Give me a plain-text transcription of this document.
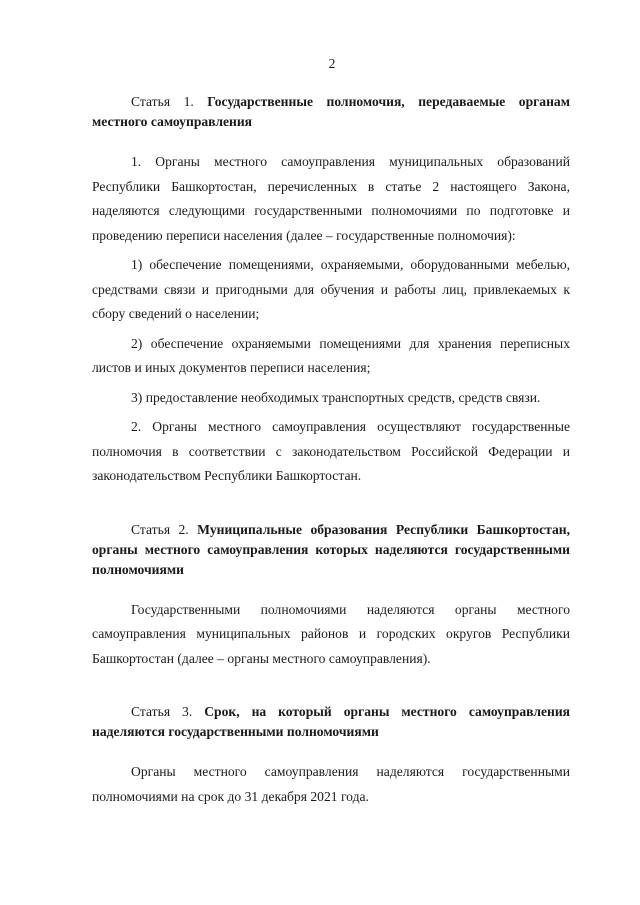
2

Статья 1. Государственные полномочия, передаваемые органам местного самоуправления

1. Органы местного самоуправления муниципальных образований Республики Башкортостан, перечисленных в статье 2 настоящего Закона, наделяются следующими государственными полномочиями по подготовке и проведению переписи населения (далее – государственные полномочия):

1) обеспечение помещениями, охраняемыми, оборудованными мебелью, средствами связи и пригодными для обучения и работы лиц, привлекаемых к сбору сведений о населении;

2) обеспечение охраняемыми помещениями для хранения переписных листов и иных документов переписи населения;

3) предоставление необходимых транспортных средств, средств связи.

2. Органы местного самоуправления осуществляют государственные полномочия в соответствии с законодательством Российской Федерации и законодательством Республики Башкортостан.

Статья 2. Муниципальные образования Республики Башкортостан, органы местного самоуправления которых наделяются государственными полномочиями

Государственными полномочиями наделяются органы местного самоуправления муниципальных районов и городских округов Республики Башкортостан (далее – органы местного самоуправления).

Статья 3. Срок, на который органы местного самоуправления наделяются государственными полномочиями

Органы местного самоуправления наделяются государственными полномочиями на срок до 31 декабря 2021 года.
